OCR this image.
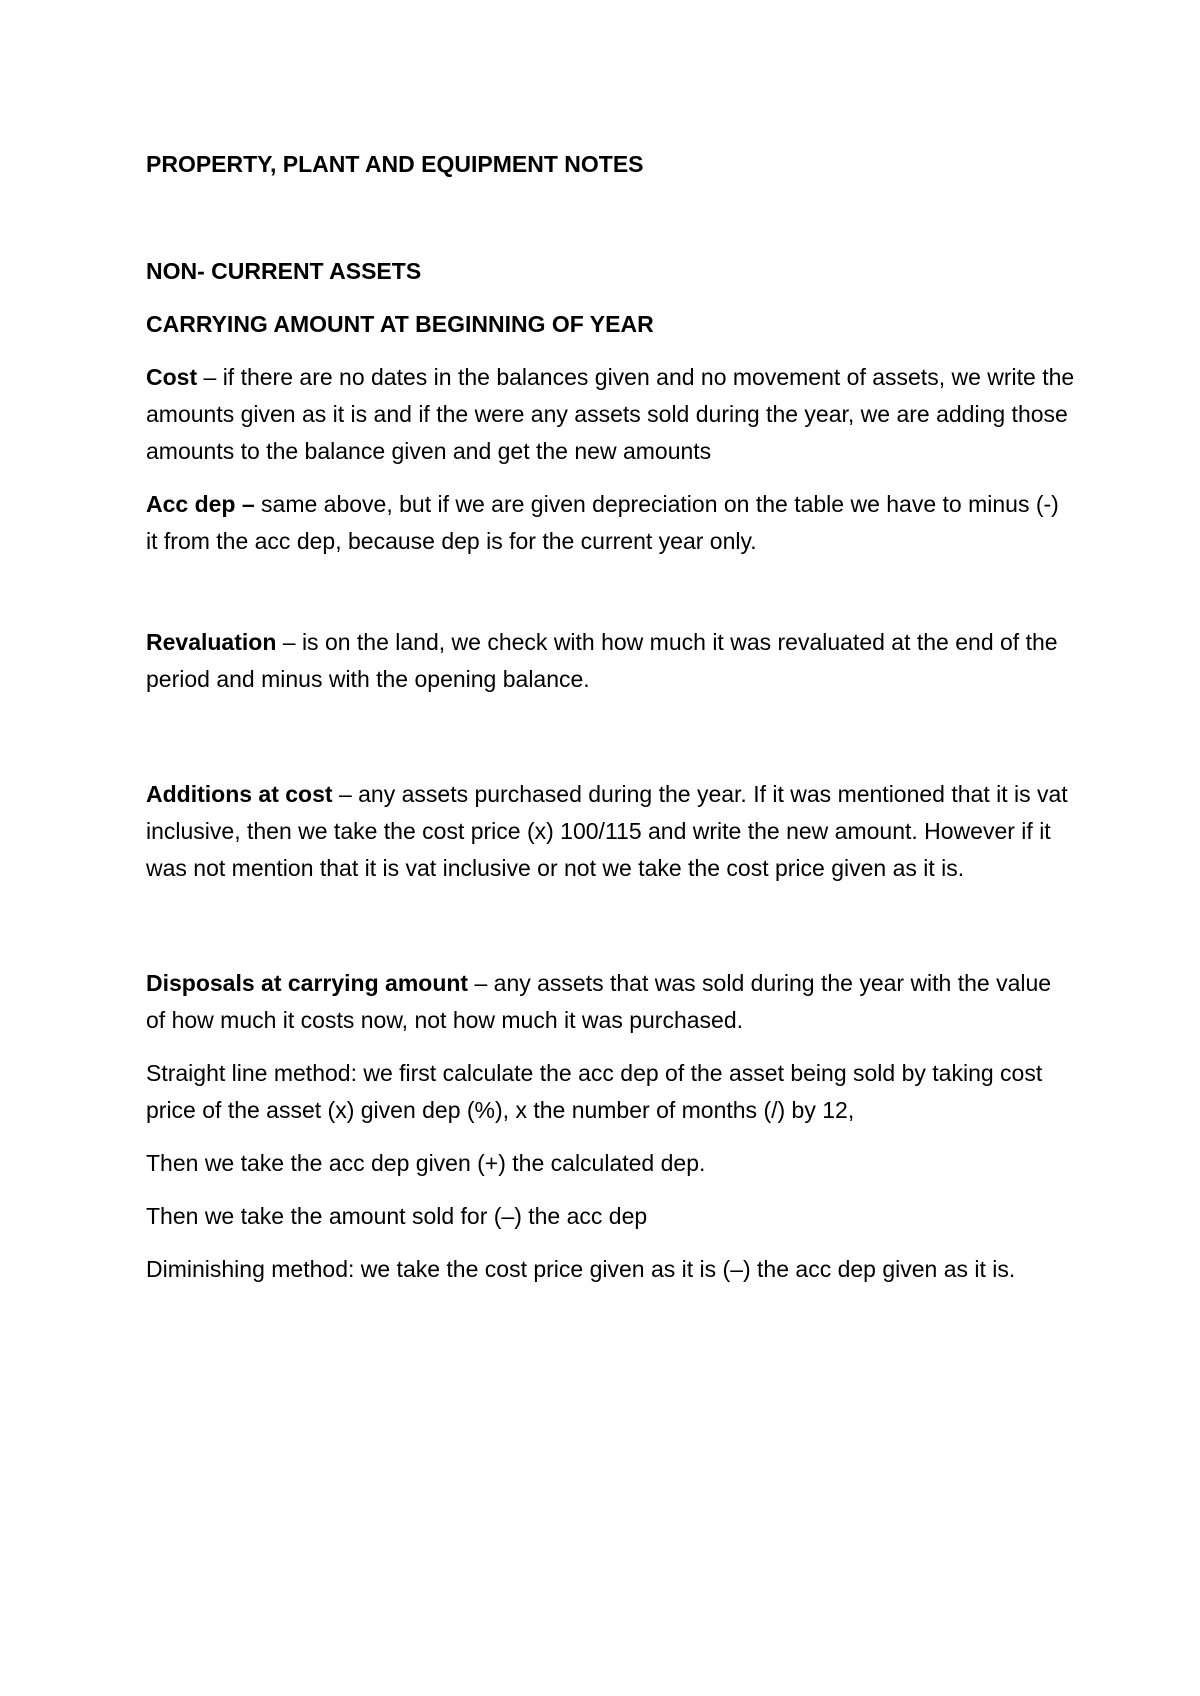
PROPERTY, PLANT AND EQUIPMENT NOTES

NON- CURRENT ASSETS

CARRYING AMOUNT AT BEGINNING OF YEAR

Cost – if there are no dates in the balances given and no movement of assets, we write the amounts given as it is and if the were any assets sold during the year, we are adding those amounts to the balance given and get the new amounts

Acc dep – same above, but if we are given depreciation on the table we have to minus (-) it from the acc dep, because dep is for the current year only.

Revaluation – is on the land, we check with how much it was revaluated at the end of the period and minus with the opening balance.

Additions at cost – any assets purchased during the year. If it was mentioned that it is vat inclusive, then we take the cost price (x) 100/115 and write the new amount. However if it was not mention that it is vat inclusive or not we take the cost price given as it is.

Disposals at carrying amount – any assets that was sold during the year with the value of how much it costs now, not how much it was purchased.

Straight line method: we first calculate the acc dep of the asset being sold by taking cost price of the asset (x) given dep (%), x the number of months (/) by 12,

Then we take the acc dep given (+) the calculated dep.

Then we take the amount sold for (–) the acc dep

Diminishing method: we take the cost price given as it is (–) the acc dep given as it is.
